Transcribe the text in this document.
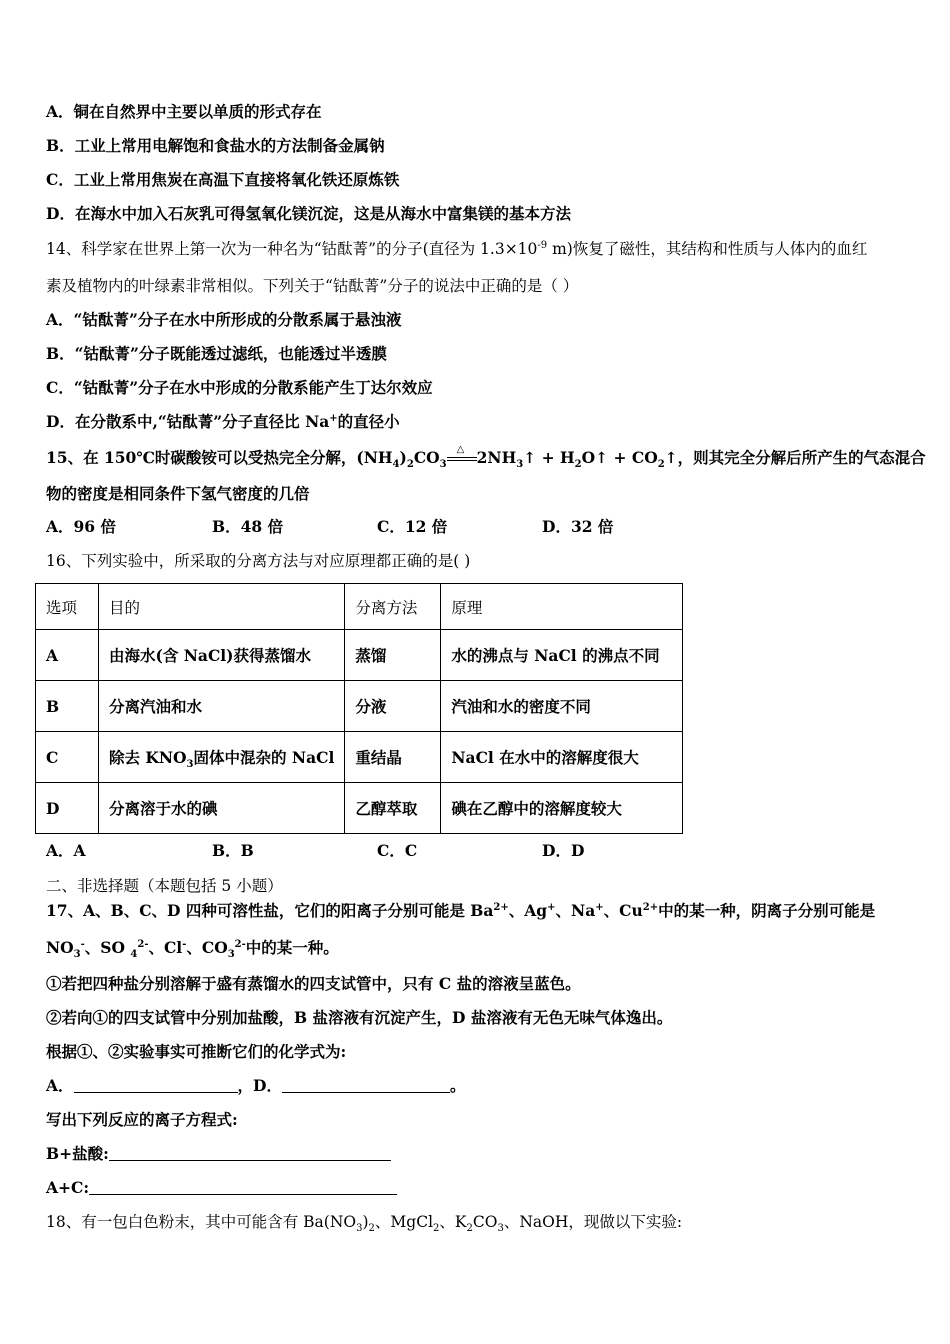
A．铜在自然界中主要以单质的形式存在
B．工业上常用电解饱和食盐水的方法制备金属钠
C．工业上常用焦炭在高温下直接将氧化铁还原炼铁
D．在海水中加入石灰乳可得氢氧化镁沉淀，这是从海水中富集镁的基本方法
14、科学家在世界上第一次为一种名为“钴酞菁”的分子(直径为 $1.3\times 10^{-9}$ m)恢复了磁性，其结构和性质与人体内的血红
素及植物内的叶绿素非常相似。下列关于“钴酞菁”分子的说法中正确的是（ ）
A．“钴酞菁”分子在水中所形成的分散系属于悬浊液
B．“钴酞菁”分子既能透过滤纸，也能透过半透膜
C．“钴酞菁”分子在水中形成的分散系能产生丁达尔效应
D．在分散系中,“钴酞菁”分子直径比 Na+的直径小
15、在 150℃时碳酸铵可以受热完全分解，$(NH_4)_2CO_3$
△ $2NH_3↑$ + $H_2O↑$ + $CO_2↑$，则其完全分解后所产生的气态混合
物的密度是相同条件下氢气密度的几倍
A．96 倍	B．48 倍	C．12 倍	D．32 倍
16、下列实验中，所采取的分离方法与对应原理都正确的是( )
选项	目的	分离方法	原理
A	由海水(含 NaCl)获得蒸馏水	蒸馏	水的沸点与 NaCl 的沸点不同
B	分离汽油和水	分液	汽油和水的密度不同
C	除去 $KNO_3$固体中混杂的 NaCl	重结晶	NaCl 在水中的溶解度很大
D	分离溶于水的碘	乙醇萃取	碘在乙醇中的溶解度较大
A．A	B．B	C．C	D．D
二、非选择题（本题包括 5 小题）
17、A、B、C、D 四种可溶性盐，它们的阳离子分别可能是 $Ba^{2+}$、Ag+、Na+、$Cu^{2+}$中的某一种，阴离子分别可能是
$NO_3^-$、SO $_4^{2-}$、Cl-、$CO_3^{2-}$中的某一种。
①若把四种盐分别溶解于盛有蒸馏水的四支试管中，只有 C 盐的溶液呈蓝色。
②若向①的四支试管中分别加盐酸，B 盐溶液有沉淀产生，D 盐溶液有无色无味气体逸出。
根据①、②实验事实可推断它们的化学式为:
A．	，D．	。
写出下列反应的离子方程式:
B+盐酸:
A+C:
18、有一包白色粉末，其中可能含有 $Ba(NO_3)_2$、MgCl$_2$、$K_2CO_3$、NaOH，现做以下实验:
